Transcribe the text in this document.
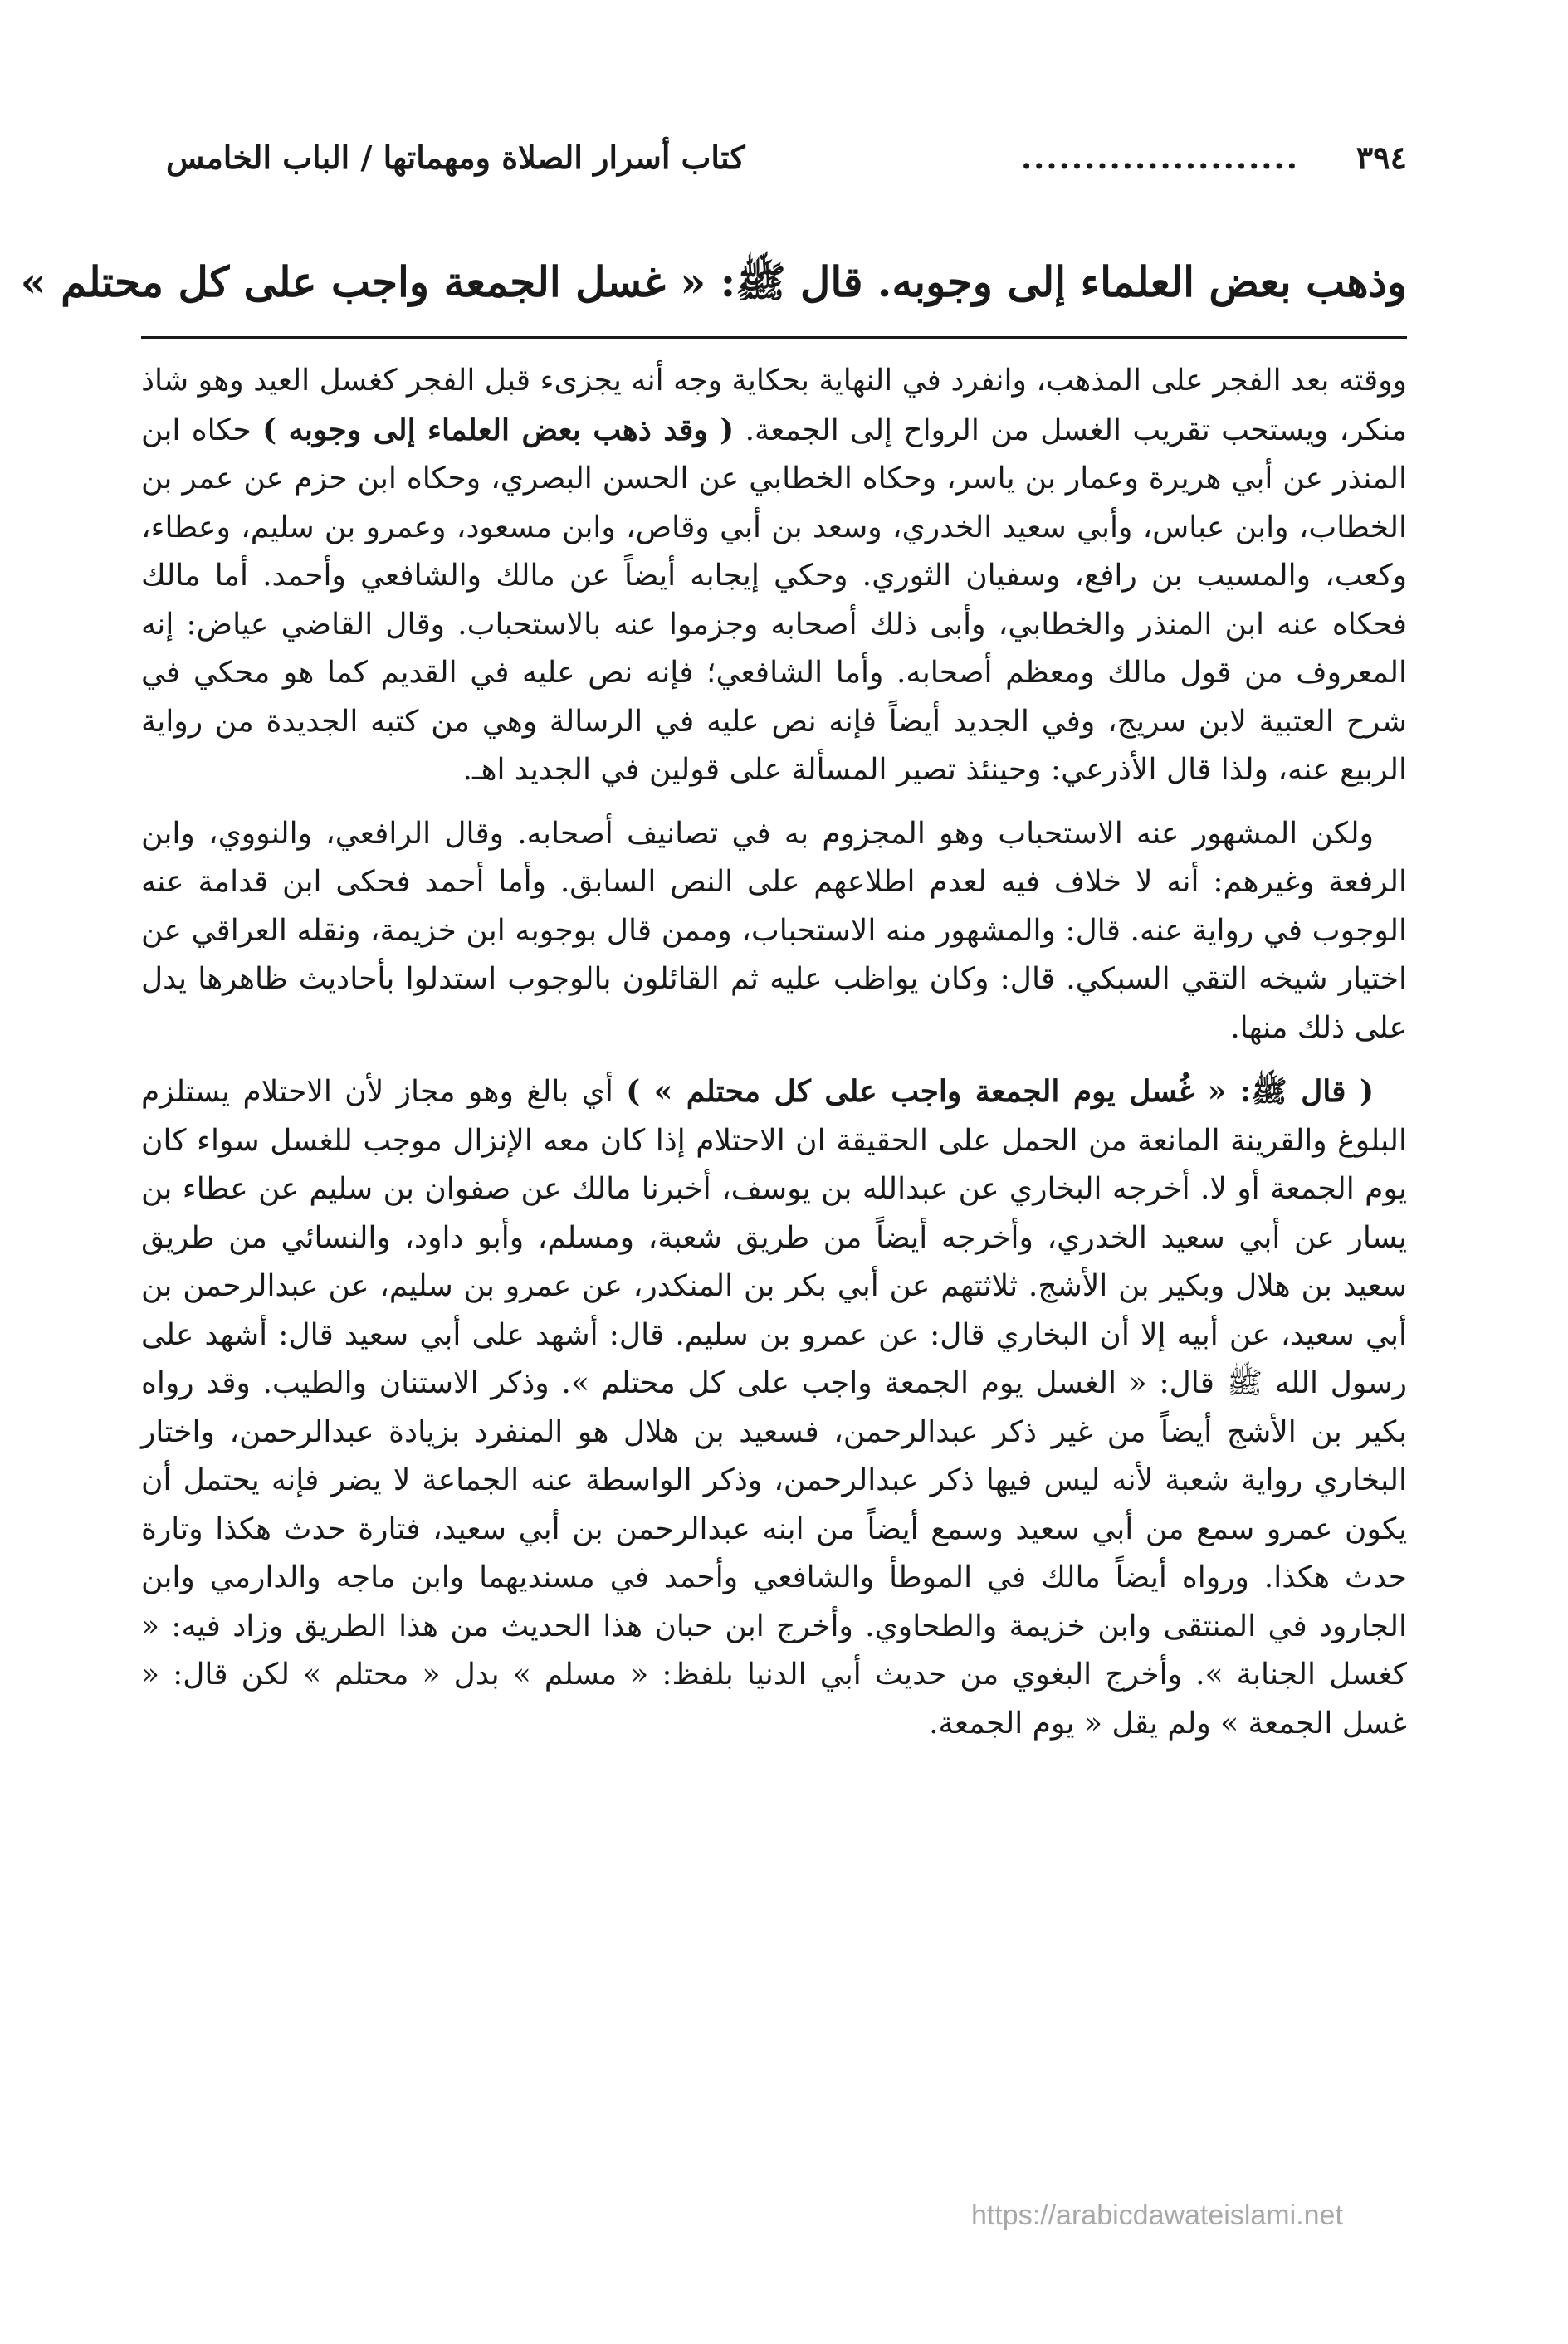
٣٩٤
......................
كتاب أسرار الصلاة ومهماتها / الباب الخامس
وذهب بعض العلماء إلى وجوبه. قال ﷺ: « غسل الجمعة واجب على كل محتلم »

ووقته بعد الفجر على المذهب، وانفرد في النهاية بحكاية وجه أنه يجزىء قبل الفجر كغسل العيد وهو شاذ منكر، ويستحب تقريب الغسل من الرواح إلى الجمعة. ( وقد ذهب بعض العلماء إلى وجوبه ) حكاه ابن المنذر عن أبي هريرة وعمار بن ياسر، وحكاه الخطابي عن الحسن البصري، وحكاه ابن حزم عن عمر بن الخطاب، وابن عباس، وأبي سعيد الخدري، وسعد بن أبي وقاص، وابن مسعود، وعمرو بن سليم، وعطاء، وكعب، والمسيب بن رافع، وسفيان الثوري. وحكي إيجابه أيضاً عن مالك والشافعي وأحمد. أما مالك فحكاه عنه ابن المنذر والخطابي، وأبى ذلك أصحابه وجزموا عنه بالاستحباب. وقال القاضي عياض: إنه المعروف من قول مالك ومعظم أصحابه. وأما الشافعي؛ فإنه نص عليه في القديم كما هو محكي في شرح العتبية لابن سريج، وفي الجديد أيضاً فإنه نص عليه في الرسالة وهي من كتبه الجديدة من رواية الربيع عنه، ولذا قال الأذرعي: وحينئذ تصير المسألة على قولين في الجديد اهـ.

ولكن المشهور عنه الاستحباب وهو المجزوم به في تصانيف أصحابه. وقال الرافعي، والنووي، وابن الرفعة وغيرهم: أنه لا خلاف فيه لعدم اطلاعهم على النص السابق. وأما أحمد فحكى ابن قدامة عنه الوجوب في رواية عنه. قال: والمشهور منه الاستحباب، وممن قال بوجوبه ابن خزيمة، ونقله العراقي عن اختيار شيخه التقي السبكي. قال: وكان يواظب عليه ثم القائلون بالوجوب استدلوا بأحاديث ظاهرها يدل على ذلك منها.

( قال ﷺ: « غُسل يوم الجمعة واجب على كل محتلم » ) أي بالغ وهو مجاز لأن الاحتلام يستلزم البلوغ والقرينة المانعة من الحمل على الحقيقة ان الاحتلام إذا كان معه الإنزال موجب للغسل سواء كان يوم الجمعة أو لا. أخرجه البخاري عن عبدالله بن يوسف، أخبرنا مالك عن صفوان بن سليم عن عطاء بن يسار عن أبي سعيد الخدري، وأخرجه أيضاً من طريق شعبة، ومسلم، وأبو داود، والنسائي من طريق سعيد بن هلال وبكير بن الأشج. ثلاثتهم عن أبي بكر بن المنكدر، عن عمرو بن سليم، عن عبدالرحمن بن أبي سعيد، عن أبيه إلا أن البخاري قال: عن عمرو بن سليم. قال: أشهد على أبي سعيد قال: أشهد على رسول الله ﷺ قال: « الغسل يوم الجمعة واجب على كل محتلم ». وذكر الاستنان والطيب. وقد رواه بكير بن الأشج أيضاً من غير ذكر عبدالرحمن، فسعيد بن هلال هو المنفرد بزيادة عبدالرحمن، واختار البخاري رواية شعبة لأنه ليس فيها ذكر عبدالرحمن، وذكر الواسطة عنه الجماعة لا يضر فإنه يحتمل أن يكون عمرو سمع من أبي سعيد وسمع أيضاً من ابنه عبدالرحمن بن أبي سعيد، فتارة حدث هكذا وتارة حدث هكذا. ورواه أيضاً مالك في الموطأ والشافعي وأحمد في مسنديهما وابن ماجه والدارمي وابن الجارود في المنتقى وابن خزيمة والطحاوي. وأخرج ابن حبان هذا الحديث من هذا الطريق وزاد فيه: « كغسل الجنابة ». وأخرج البغوي من حديث أبي الدنيا بلفظ: « مسلم » بدل « محتلم » لكن قال: « غسل الجمعة » ولم يقل « يوم الجمعة.

https://arabicdawateislami.net
